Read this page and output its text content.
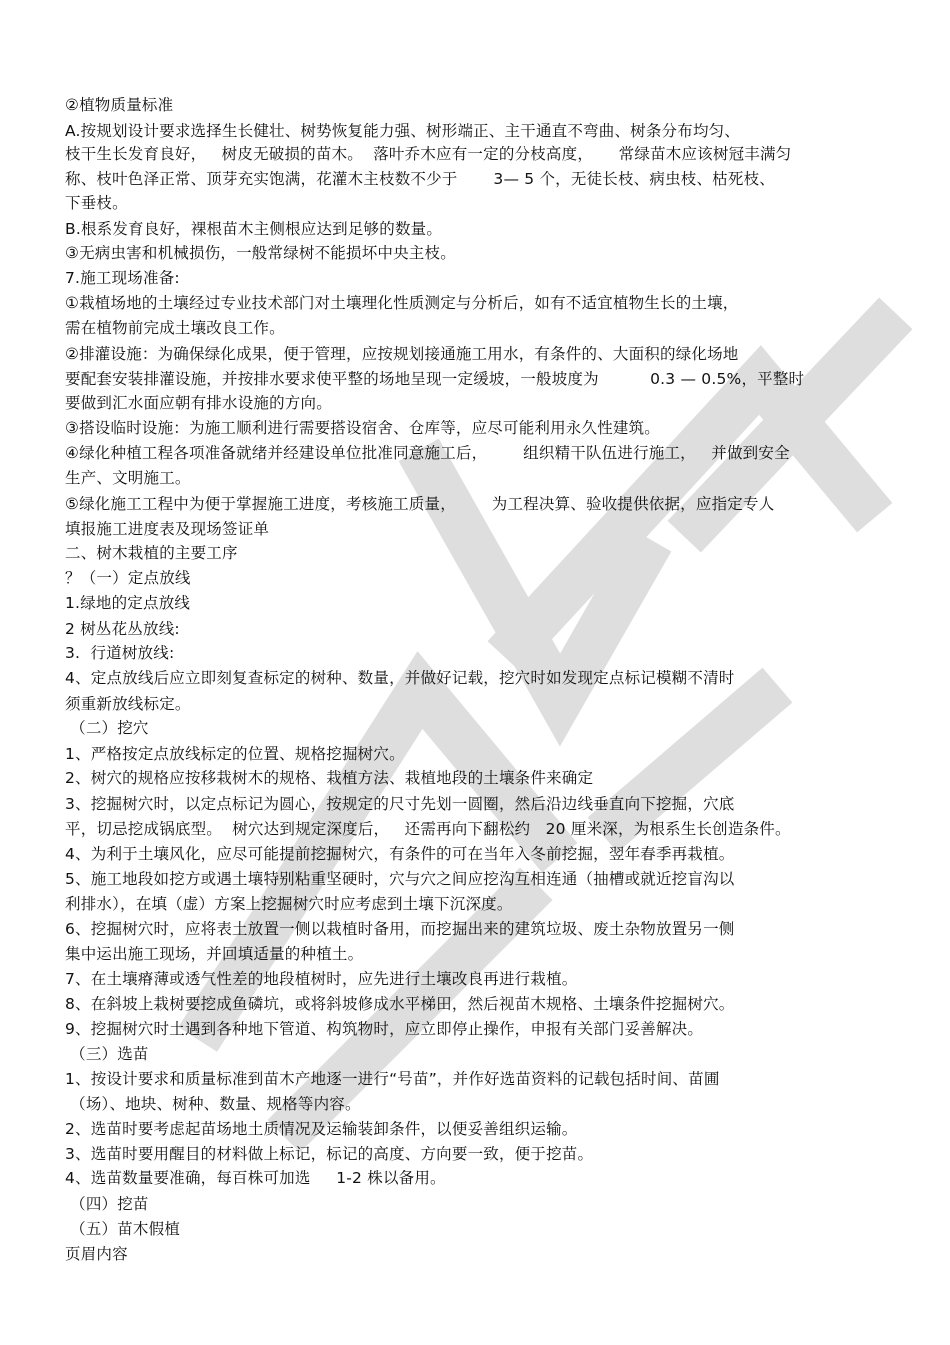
②植物质量标准
A.按规划设计要求选择生长健壮、树势恢复能力强、树形端正、主干通直不弯曲、树条分布均匀、
枝干生长发育良好，   树皮无破损的苗木。  落叶乔木应有一定的分枝高度，     常绿苗木应该树冠丰满匀
称、枝叶色泽正常、顶芽充实饱满，花灌木主枝数不少于       3— 5 个，无徒长枝、病虫枝、枯死枝、
下垂枝。
B.根系发育良好，裸根苗木主侧根应达到足够的数量。
③无病虫害和机械损伤，一般常绿树不能损坏中央主枝。
7.施工现场准备:
①栽植场地的土壤经过专业技术部门对土壤理化性质测定与分析后，如有不适宜植物生长的土壤，
需在植物前完成土壤改良工作。
②排灌设施：为确保绿化成果，便于管理，应按规划接通施工用水，有条件的、大面积的绿化场地
要配套安装排灌设施，并按排水要求使平整的场地呈现一定缓坡，一般坡度为          0.3 — 0.5%，平整时
要做到汇水面应朝有排水设施的方向。
③搭设临时设施：为施工顺利进行需要搭设宿舍、仓库等，应尽可能利用永久性建筑。
④绿化种植工程各项准备就绪并经建设单位批准同意施工后，       组织精干队伍进行施工，   并做到安全
生产、文明施工。
⑤绿化施工工程中为便于掌握施工进度，考核施工质量，       为工程决算、验收提供依据，应指定专人
填报施工进度表及现场签证单
二、树木栽植的主要工序
？（一）定点放线
1.绿地的定点放线
2 树丛花丛放线:
3.  行道树放线:
4、定点放线后应立即刻复查标定的树种、数量，并做好记载，挖穴时如发现定点标记模糊不清时
须重新放线标定。
（二）挖穴
1、严格按定点放线标定的位置、规格挖掘树穴。
2、树穴的规格应按移栽树木的规格、栽植方法、栽植地段的土壤条件来确定
3、挖掘树穴时，以定点标记为圆心，按规定的尺寸先划一圆圈，然后沿边线垂直向下挖掘，穴底
平，切忌挖成锅底型。  树穴达到规定深度后，   还需再向下翻松约   20 厘米深，为根系生长创造条件。
4、为利于土壤风化，应尽可能提前挖掘树穴，有条件的可在当年入冬前挖掘，翌年春季再栽植。
5、施工地段如挖方或遇土壤特别粘重坚硬时，穴与穴之间应挖沟互相连通（抽槽或就近挖盲沟以
利排水），在填（虚）方案上挖掘树穴时应考虑到土壤下沉深度。
6、挖掘树穴时，应将表土放置一侧以栽植时备用，而挖掘出来的建筑垃圾、废土杂物放置另一侧
集中运出施工现场，并回填适量的种植土。
7、在土壤瘠薄或透气性差的地段植树时，应先进行土壤改良再进行栽植。
8、在斜坡上栽树要挖成鱼磷坑，或将斜坡修成水平梯田，然后视苗木规格、土壤条件挖掘树穴。
9、挖掘树穴时土遇到各种地下管道、构筑物时，应立即停止操作，申报有关部门妥善解决。
（三）选苗
1、按设计要求和质量标准到苗木产地逐一进行“号苗”，并作好选苗资料的记载包括时间、苗圃
（场）、地块、树种、数量、规格等内容。
2、选苗时要考虑起苗场地土质情况及运输装卸条件，以便妥善组织运输。
3、选苗时要用醒目的材料做上标记，标记的高度、方向要一致，便于挖苗。
4、选苗数量要准确，每百株可加选     1-2 株以备用。
（四）挖苗
（五）苗木假植
页眉内容
